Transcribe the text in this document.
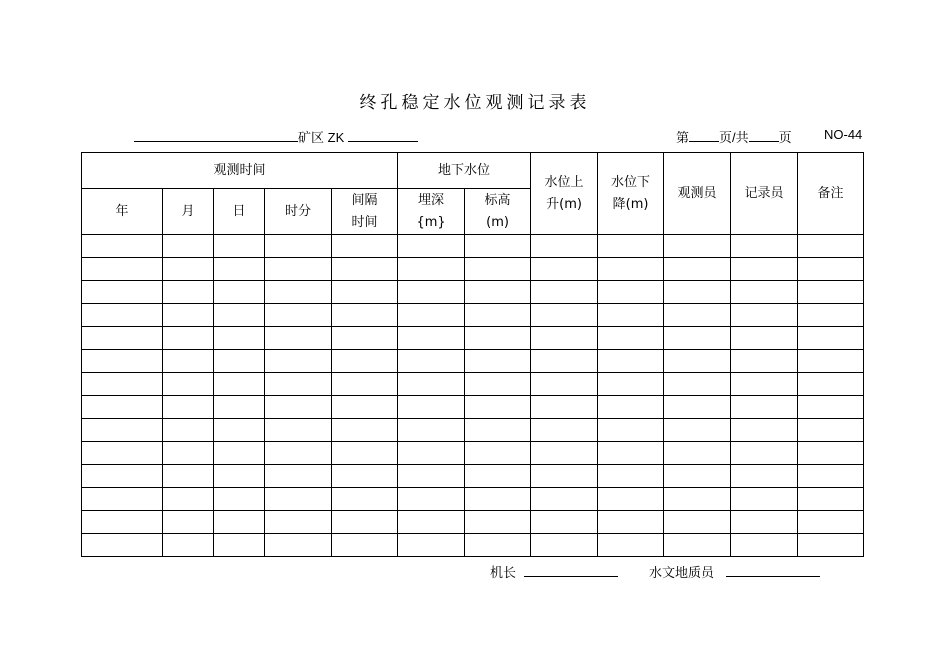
终孔稳定水位观测记录表
矿区 ZK	第 页/共 页 NO-44
观测时间					地下水位		水位上升(m)	水位下降(m)	观测员	记录员	备注
年	月	日	时分	间隔时间	埋深{m}	标高(m)					

机长	水文地质员
